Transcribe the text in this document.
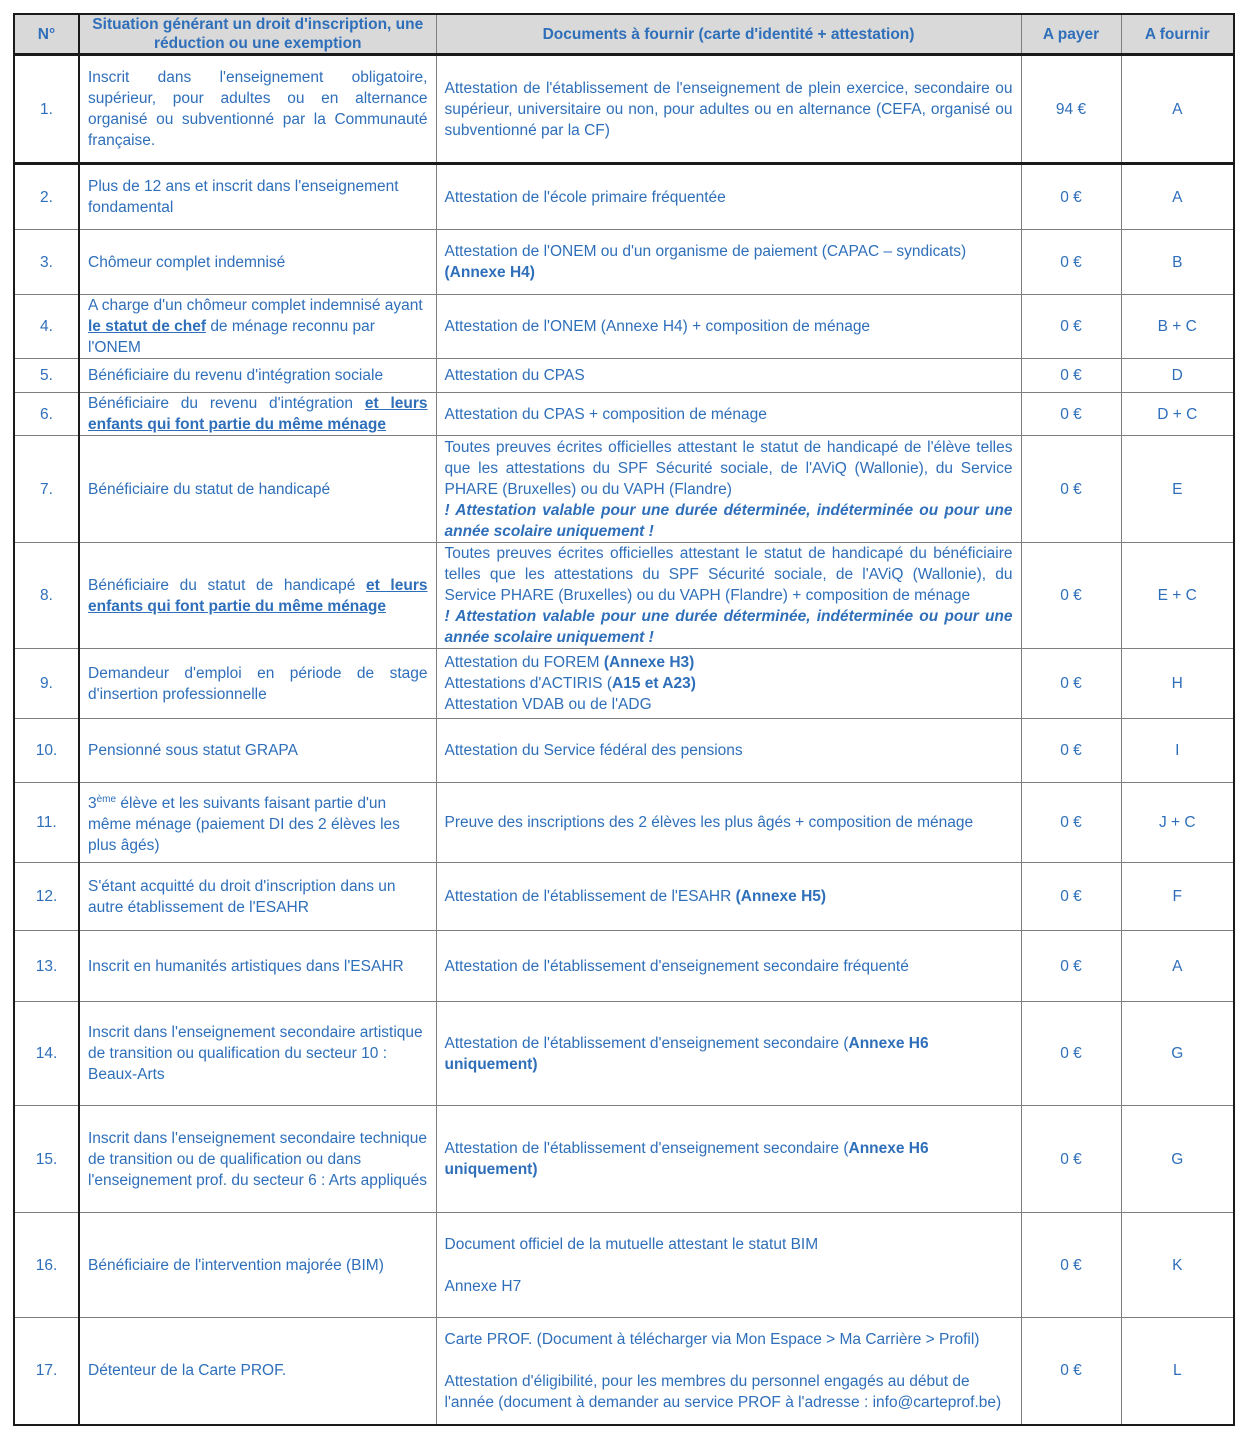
N°	Situation générant un droit d'inscription, une réduction ou une exemption	Documents à fournir (carte d'identité + attestation)	A payer	A fournir
1.	Inscrit dans l'enseignement obligatoire, supérieur, pour adultes ou en alternance organisé ou subventionné par la Communauté française.	Attestation de l'établissement de l'enseignement de plein exercice, secondaire ou supérieur, universitaire ou non, pour adultes ou en alternance (CEFA, organisé ou subventionné par la CF)	94 €	A
2.	Plus de 12 ans et inscrit dans l'enseignement fondamental	Attestation de l'école primaire fréquentée	0 €	A
3.	Chômeur complet indemnisé	Attestation de l'ONEM ou d'un organisme de paiement (CAPAC – syndicats)
(Annexe H4)	0 €	B
4.	A charge d'un chômeur complet indemnisé ayant le statut de chef de ménage reconnu par l'ONEM	Attestation de l'ONEM (Annexe H4) + composition de ménage	0 €	B + C
5.	Bénéficiaire du revenu d'intégration sociale	Attestation du CPAS	0 €	D
6.	Bénéficiaire du revenu d'intégration et leurs enfants qui font partie du même ménage	Attestation du CPAS + composition de ménage	0 €	D + C
7.	Bénéficiaire du statut de handicapé	Toutes preuves écrites officielles attestant le statut de handicapé de l'élève telles que les attestations du SPF Sécurité sociale, de l'AViQ (Wallonie), du Service PHARE (Bruxelles) ou du VAPH (Flandre)
! Attestation valable pour une durée déterminée, indéterminée ou pour une année scolaire uniquement !	0 €	E
8.	Bénéficiaire du statut de handicapé et leurs enfants qui font partie du même ménage	Toutes preuves écrites officielles attestant le statut de handicapé du bénéficiaire telles que les attestations du SPF Sécurité sociale, de l'AViQ (Wallonie), du Service PHARE (Bruxelles) ou du VAPH (Flandre) + composition de ménage
! Attestation valable pour une durée déterminée, indéterminée ou pour une année scolaire uniquement !	0 €	E + C
9.	Demandeur d'emploi en période de stage d'insertion professionnelle	Attestation du FOREM (Annexe H3)
Attestations d'ACTIRIS (A15 et A23)
Attestation VDAB ou de l'ADG	0 €	H
10.	Pensionné sous statut GRAPA	Attestation du Service fédéral des pensions	0 €	I
11.	3ème élève et les suivants faisant partie d'un même ménage (paiement DI des 2 élèves les plus âgés)	Preuve des inscriptions des 2 élèves les plus âgés + composition de ménage	0 €	J + C
12.	S'étant acquitté du droit d'inscription dans un autre établissement de l'ESAHR	Attestation de l'établissement de l'ESAHR (Annexe H5)	0 €	F
13.	Inscrit en humanités artistiques dans l'ESAHR	Attestation de l'établissement d'enseignement secondaire fréquenté	0 €	A
14.	Inscrit dans l'enseignement secondaire artistique de transition ou qualification du secteur 10 : Beaux-Arts	Attestation de l'établissement d'enseignement secondaire (Annexe H6 uniquement)	0 €	G
15.	Inscrit dans l'enseignement secondaire technique de transition ou de qualification ou dans l'enseignement prof. du secteur 6 : Arts appliqués	Attestation de l'établissement d'enseignement secondaire (Annexe H6 uniquement)	0 €	G
16.	Bénéficiaire de l'intervention majorée (BIM)	Document officiel de la mutuelle attestant le statut BIM
Annexe H7	0 €	K
17.	Détenteur de la Carte PROF.	Carte PROF. (Document à télécharger via Mon Espace > Ma Carrière > Profil)
Attestation d'éligibilité, pour les membres du personnel engagés au début de l'année (document à demander au service PROF à l'adresse : info@carteprof.be)	0 €	L
